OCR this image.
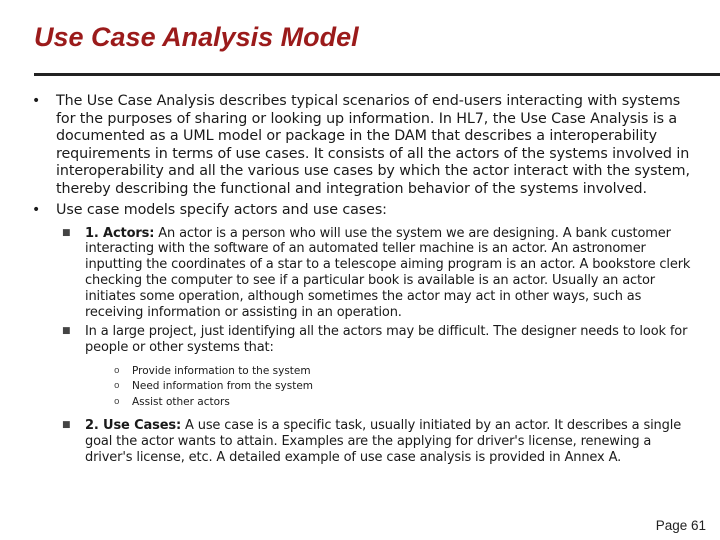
Use Case Analysis Model
• The Use Case Analysis describes typical scenarios of end-users interacting with systems for the purposes of sharing or looking up information. In HL7, the Use Case Analysis is a documented as a UML model or package in the DAM that describes a interoperability requirements in terms of use cases. It consists of all the actors of the systems involved in interoperability and all the various use cases by which the actor interact with the system, thereby describing the functional and integration behavior of the systems involved.
• Use case models specify actors and use cases:
■ 1. Actors: An actor is a person who will use the system we are designing. A bank customer interacting with the software of an automated teller machine is an actor. An astronomer inputting the coordinates of a star to a telescope aiming program is an actor. A bookstore clerk checking the computer to see if a particular book is available is an actor. Usually an actor initiates some operation, although sometimes the actor may act in other ways, such as receiving information or assisting in an operation.
■ In a large project, just identifying all the actors may be difficult. The designer needs to look for people or other systems that:
o Provide information to the system
o Need information from the system
o Assist other actors
■ 2. Use Cases: A use case is a specific task, usually initiated by an actor. It describes a single goal the actor wants to attain. Examples are the applying for driver's license, renewing a driver's license, etc. A detailed example of use case analysis is provided in Annex A.
Page 61
